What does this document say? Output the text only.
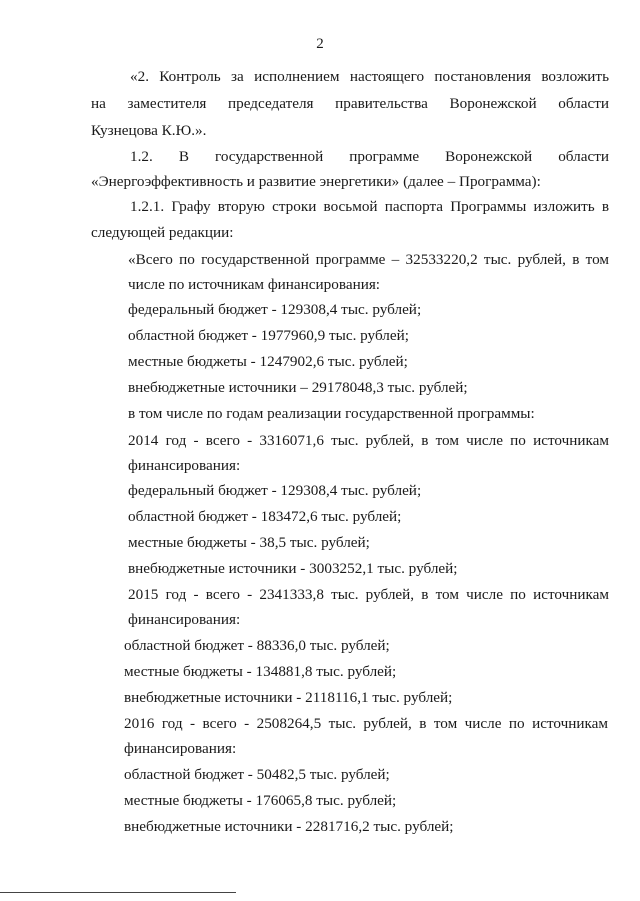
2

«2. Контроль за исполнением настоящего постановления возложить

на заместителя председателя правительства Воронежской области

Кузнецова К.Ю.».

1.2. В государственной программе Воронежской области

«Энергоэффективность и развитие энергетики» (далее – Программа):

1.2.1. Графу вторую строки восьмой паспорта Программы изложить в

следующей редакции:

«Всего по государственной программе – 32533220,2 тыс. рублей, в том

числе по источникам финансирования:

федеральный бюджет - 129308,4 тыс. рублей;

областной бюджет - 1977960,9 тыс. рублей;

местные бюджеты - 1247902,6 тыс. рублей;

внебюджетные источники – 29178048,3 тыс. рублей;

в том числе по годам реализации государственной программы:

2014 год - всего - 3316071,6 тыс. рублей, в том числе по источникам

финансирования:

федеральный бюджет - 129308,4 тыс. рублей;

областной бюджет - 183472,6 тыс. рублей;

местные бюджеты - 38,5 тыс. рублей;

внебюджетные источники - 3003252,1 тыс. рублей;

2015 год - всего - 2341333,8 тыс. рублей, в том числе по источникам

финансирования:

областной бюджет - 88336,0 тыс. рублей;

местные бюджеты - 134881,8 тыс. рублей;

внебюджетные источники - 2118116,1 тыс. рублей;

2016 год - всего - 2508264,5 тыс. рублей, в том числе по источникам

финансирования:

областной бюджет - 50482,5 тыс. рублей;

местные бюджеты - 176065,8 тыс. рублей;

внебюджетные источники - 2281716,2 тыс. рублей;
